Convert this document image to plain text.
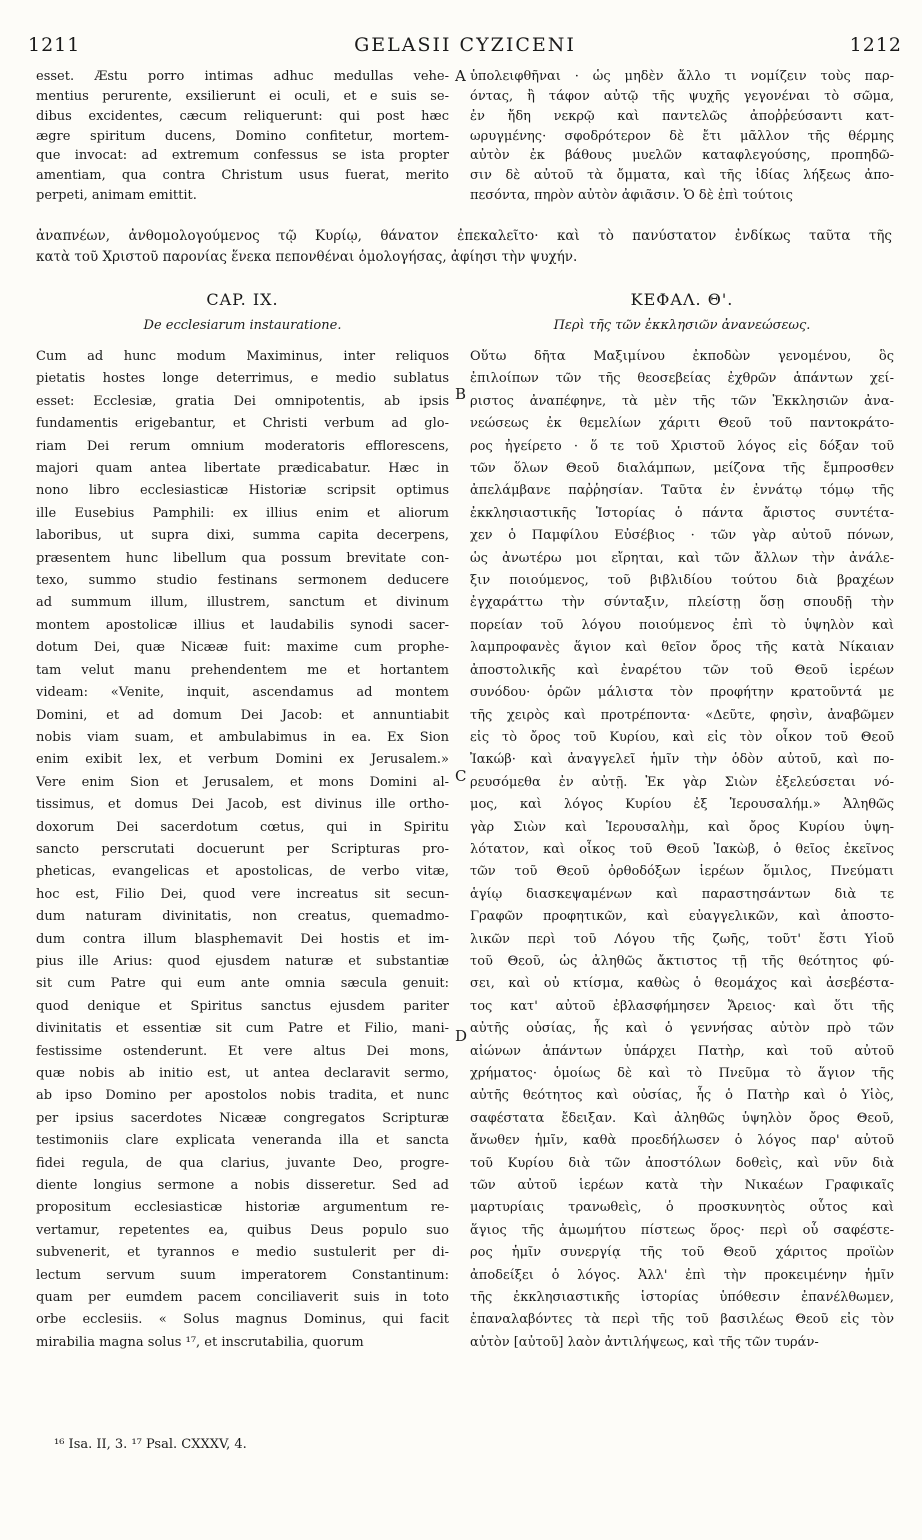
1211	GELASII CYZICENI	1212
A
B
C
D
esset. Æstu porro intimas adhuc medullas vehe-
mentius perurente, exsilierunt ei oculi, et e suis se-
dibus excidentes, cæcum reliquerunt: qui post hæc
ægre spiritum ducens, Domino confitetur, mortem-
que invocat: ad extremum confessus se ista propter
amentiam, qua contra Christum usus fuerat, merito
perpeti, animam emittit.
ὑπολειφθῆναι · ὡς μηδὲν ἄλλο τι νομίζειν τοὺς παρ-
όντας, ἢ τάφον αὐτῷ τῆς ψυχῆς γεγονέναι τὸ σῶμα,
ἐν ἤδη νεκρῷ καὶ παντελῶς ἀποῤῥεύσαντι κατ-
ωρυγμένης· σφοδρότερον δὲ ἔτι μᾶλλον τῆς θέρμης
αὐτὸν ἐκ βάθους μυελῶν καταφλεγούσης, προπηδῶ-
σιν δὲ αὐτοῦ τὰ ὄμματα, καὶ τῆς ἰδίας λήξεως ἀπο-
πεσόντα, πηρὸν αὐτὸν ἀφιᾶσιν. Ὁ δὲ ἐπὶ τούτοις
ἀναπνέων, ἀνθομολογούμενος τῷ Κυρίῳ, θάνατον ἐπεκαλεῖτο· καὶ τὸ πανύστατον ἐνδίκως ταῦτα τῆς
κατὰ τοῦ Χριστοῦ παρονίας ἕνεκα πεπονθέναι ὁμολογήσας, ἀφίησι τὴν ψυχήν.
CAP. IX.
De ecclesiarum instauratione.
ΚΕΦΑΛ. Θ'.
Περὶ τῆς τῶν ἐκκλησιῶν ἀνανεώσεως.
Cum ad hunc modum Maximinus, inter reliquos
pietatis hostes longe deterrimus, e medio sublatus
esset: Ecclesiæ, gratia Dei omnipotentis, ab ipsis
fundamentis erigebantur, et Christi verbum ad glo-
riam Dei rerum omnium moderatoris efflorescens,
majori quam antea libertate prædicabatur. Hæc in
nono libro ecclesiasticæ Historiæ scripsit optimus
ille Eusebius Pamphili: ex illius enim et aliorum
laboribus, ut supra dixi, summa capita decerpens,
præsentem hunc libellum qua possum brevitate con-
texo, summo studio festinans sermonem deducere
ad summum illum, illustrem, sanctum et divinum
montem apostolicæ illius et laudabilis synodi sacer-
dotum Dei, quæ Nicææ fuit: maxime cum prophe-
tam velut manu prehendentem me et hortantem
videam: «Venite, inquit, ascendamus ad montem
Domini, et ad domum Dei Jacob: et annuntiabit
nobis viam suam, et ambulabimus in ea. Ex Sion
enim exibit lex, et verbum Domini ex Jerusalem.»
Vere enim Sion et Jerusalem, et mons Domini al-
tissimus, et domus Dei Jacob, est divinus ille ortho-
doxorum Dei sacerdotum cœtus, qui in Spiritu
sancto perscrutati docuerunt per Scripturas pro-
pheticas, evangelicas et apostolicas, de verbo vitæ,
hoc est, Filio Dei, quod vere increatus sit secun-
dum naturam divinitatis, non creatus, quemadmo-
dum contra illum blasphemavit Dei hostis et im-
pius ille Arius: quod ejusdem naturæ et substantiæ
sit cum Patre qui eum ante omnia sæcula genuit:
quod denique et Spiritus sanctus ejusdem pariter
divinitatis et essentiæ sit cum Patre et Filio, mani-
festissime ostenderunt. Et vere altus Dei mons,
quæ nobis ab initio est, ut antea declaravit sermo,
ab ipso Domino per apostolos nobis tradita, et nunc
per ipsius sacerdotes Nicææ congregatos Scripturæ
testimoniis clare explicata veneranda illa et sancta
fidei regula, de qua clarius, juvante Deo, progre-
diente longius sermone a nobis disseretur. Sed ad
propositum ecclesiasticæ historiæ argumentum re-
vertamur, repetentes ea, quibus Deus populo suo
subvenerit, et tyrannos e medio sustulerit per di-
lectum servum suum imperatorem Constantinum:
quam per eumdem pacem conciliaverit suis in toto
orbe ecclesiis. « Solus magnus Dominus, qui facit
mirabilia magna solus ¹⁷, et inscrutabilia, quorum
Οὕτω δῆτα Μαξιμίνου ἐκποδὼν γενομένου, ὃς
ἐπιλοίπων τῶν τῆς θεοσεβείας ἐχθρῶν ἁπάντων χεί-
ριστος ἀναπέφηνε, τὰ μὲν τῆς τῶν Ἐκκλησιῶν ἀνα-
νεώσεως ἐκ θεμελίων χάριτι Θεοῦ τοῦ παντοκράτο-
ρος ἠγείρετο · ὅ τε τοῦ Χριστοῦ λόγος εἰς δόξαν τοῦ
τῶν ὅλων Θεοῦ διαλάμπων, μείζονα τῆς ἔμπροσθεν
ἀπελάμβανε παῤῥησίαν. Ταῦτα ἐν ἐννάτῳ τόμῳ τῆς
ἐκκλησιαστικῆς Ἱστορίας ὁ πάντα ἄριστος συντέτα-
χεν ὁ Παμφίλου Εὐσέβιος · τῶν γὰρ αὐτοῦ πόνων,
ὡς ἀνωτέρω μοι εἴρηται, καὶ τῶν ἄλλων τὴν ἀνάλε-
ξιν ποιούμενος, τοῦ βιβλιδίου τούτου διὰ βραχέων
ἐγχαράττω τὴν σύνταξιν, πλείστῃ ὅσῃ σπουδῇ τὴν
πορείαν τοῦ λόγου ποιούμενος ἐπὶ τὸ ὑψηλὸν καὶ
λαμπροφανὲς ἅγιον καὶ θεῖον ὄρος τῆς κατὰ Νίκαιαν
ἀποστολικῆς καὶ ἐναρέτου τῶν τοῦ Θεοῦ ἱερέων
συνόδου· ὁρῶν μάλιστα τὸν προφήτην κρατοῦντά με
τῆς χειρὸς καὶ προτρέποντα· «Δεῦτε, φησὶν, ἀναβῶμεν
εἰς τὸ ὄρος τοῦ Κυρίου, καὶ εἰς τὸν οἶκον τοῦ Θεοῦ
Ἰακώβ· καὶ ἀναγγελεῖ ἡμῖν τὴν ὁδὸν αὐτοῦ, καὶ πο-
ρευσόμεθα ἐν αὐτῇ. Ἐκ γὰρ Σιὼν ἐξελεύσεται νό-
μος, καὶ λόγος Κυρίου ἐξ Ἱερουσαλήμ.» Ἀληθῶς
γὰρ Σιὼν καὶ Ἱερουσαλὴμ, καὶ ὄρος Κυρίου ὑψη-
λότατον, καὶ οἶκος τοῦ Θεοῦ Ἰακὼβ, ὁ θεῖος ἐκεῖνος
τῶν τοῦ Θεοῦ ὀρθοδόξων ἱερέων ὅμιλος, Πνεύματι
ἁγίῳ διασκεψαμένων καὶ παραστησάντων διὰ τε
Γραφῶν προφητικῶν, καὶ εὐαγγελικῶν, καὶ ἀποστο-
λικῶν περὶ τοῦ Λόγου τῆς ζωῆς, τοῦτ' ἔστι Υἱοῦ
τοῦ Θεοῦ, ὡς ἀληθῶς ἄκτιστος τῇ τῆς θεότητος φύ-
σει, καὶ οὐ κτίσμα, καθὼς ὁ θεομάχος καὶ ἀσεβέστα-
τος κατ' αὐτοῦ ἐβλασφήμησεν Ἄρειος· καὶ ὅτι τῆς
αὐτῆς οὐσίας, ἧς καὶ ὁ γεννήσας αὐτὸν πρὸ τῶν
αἰώνων ἁπάντων ὑπάρχει Πατὴρ, καὶ τοῦ αὐτοῦ
χρήματος· ὁμοίως δὲ καὶ τὸ Πνεῦμα τὸ ἅγιον τῆς
αὐτῆς θεότητος καὶ οὐσίας, ἧς ὁ Πατὴρ καὶ ὁ Υἱὸς,
σαφέστατα ἔδειξαν. Καὶ ἀληθῶς ὑψηλὸν ὄρος Θεοῦ,
ἄνωθεν ἡμῖν, καθὰ προεδήλωσεν ὁ λόγος παρ' αὐτοῦ
τοῦ Κυρίου διὰ τῶν ἀποστόλων δοθεὶς, καὶ νῦν διὰ
τῶν αὐτοῦ ἱερέων κατὰ τὴν Νικαέων Γραφικαῖς
μαρτυρίαις τρανωθεὶς, ὁ προσκυνητὸς οὗτος καὶ
ἅγιος τῆς ἀμωμήτου πίστεως ὅρος· περὶ οὗ σαφέστε-
ρος ἡμῖν συνεργίᾳ τῆς τοῦ Θεοῦ χάριτος προϊὼν
ἀποδείξει ὁ λόγος. Ἀλλ' ἐπὶ τὴν προκειμένην ἡμῖν
τῆς ἐκκλησιαστικῆς ἱστορίας ὑπόθεσιν ἐπανέλθωμεν,
ἐπαναλαβόντες τὰ περὶ τῆς τοῦ βασιλέως Θεοῦ εἰς τὸν
αὐτὸν [αὐτοῦ] λαὸν ἀντιλήψεως, καὶ τῆς τῶν τυράν-
¹⁶ Isa. II, 3. ¹⁷ Psal. CXXXV, 4.
